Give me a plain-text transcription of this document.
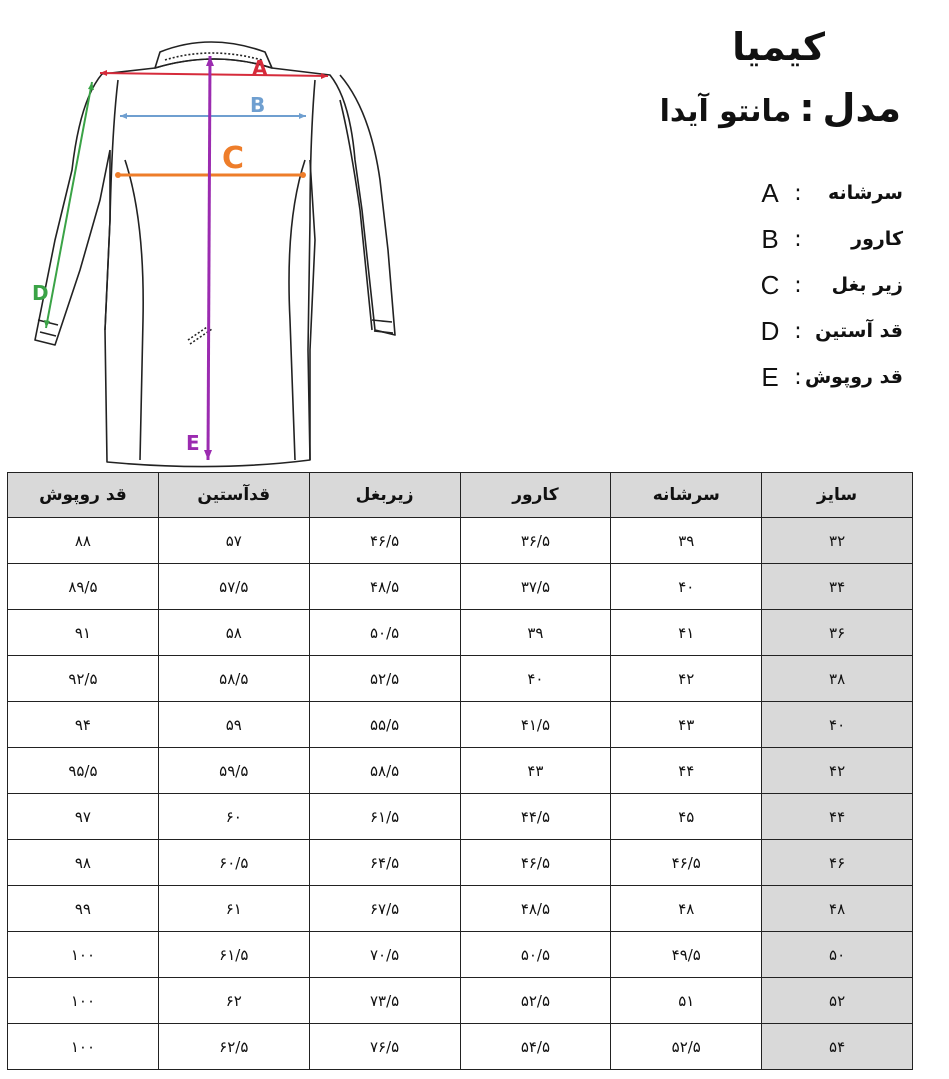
A
B
C
D
E
کیمیا
مدل:مانتو آیدا
سرشانه
:
A
کارور
:
B
زیر بغل
:
C
قد آستین
:
D
قد روپوش
:
E
سایز	سرشانه	کارور	زیربغل	قدآستین	قد روپوش
۳۲	۳۹	۳۶/۵	۴۶/۵	۵۷	۸۸
۳۴	۴۰	۳۷/۵	۴۸/۵	۵۷/۵	۸۹/۵
۳۶	۴۱	۳۹	۵۰/۵	۵۸	۹۱
۳۸	۴۲	۴۰	۵۲/۵	۵۸/۵	۹۲/۵
۴۰	۴۳	۴۱/۵	۵۵/۵	۵۹	۹۴
۴۲	۴۴	۴۳	۵۸/۵	۵۹/۵	۹۵/۵
۴۴	۴۵	۴۴/۵	۶۱/۵	۶۰	۹۷
۴۶	۴۶/۵	۴۶/۵	۶۴/۵	۶۰/۵	۹۸
۴۸	۴۸	۴۸/۵	۶۷/۵	۶۱	۹۹
۵۰	۴۹/۵	۵۰/۵	۷۰/۵	۶۱/۵	۱۰۰
۵۲	۵۱	۵۲/۵	۷۳/۵	۶۲	۱۰۰
۵۴	۵۲/۵	۵۴/۵	۷۶/۵	۶۲/۵	۱۰۰
